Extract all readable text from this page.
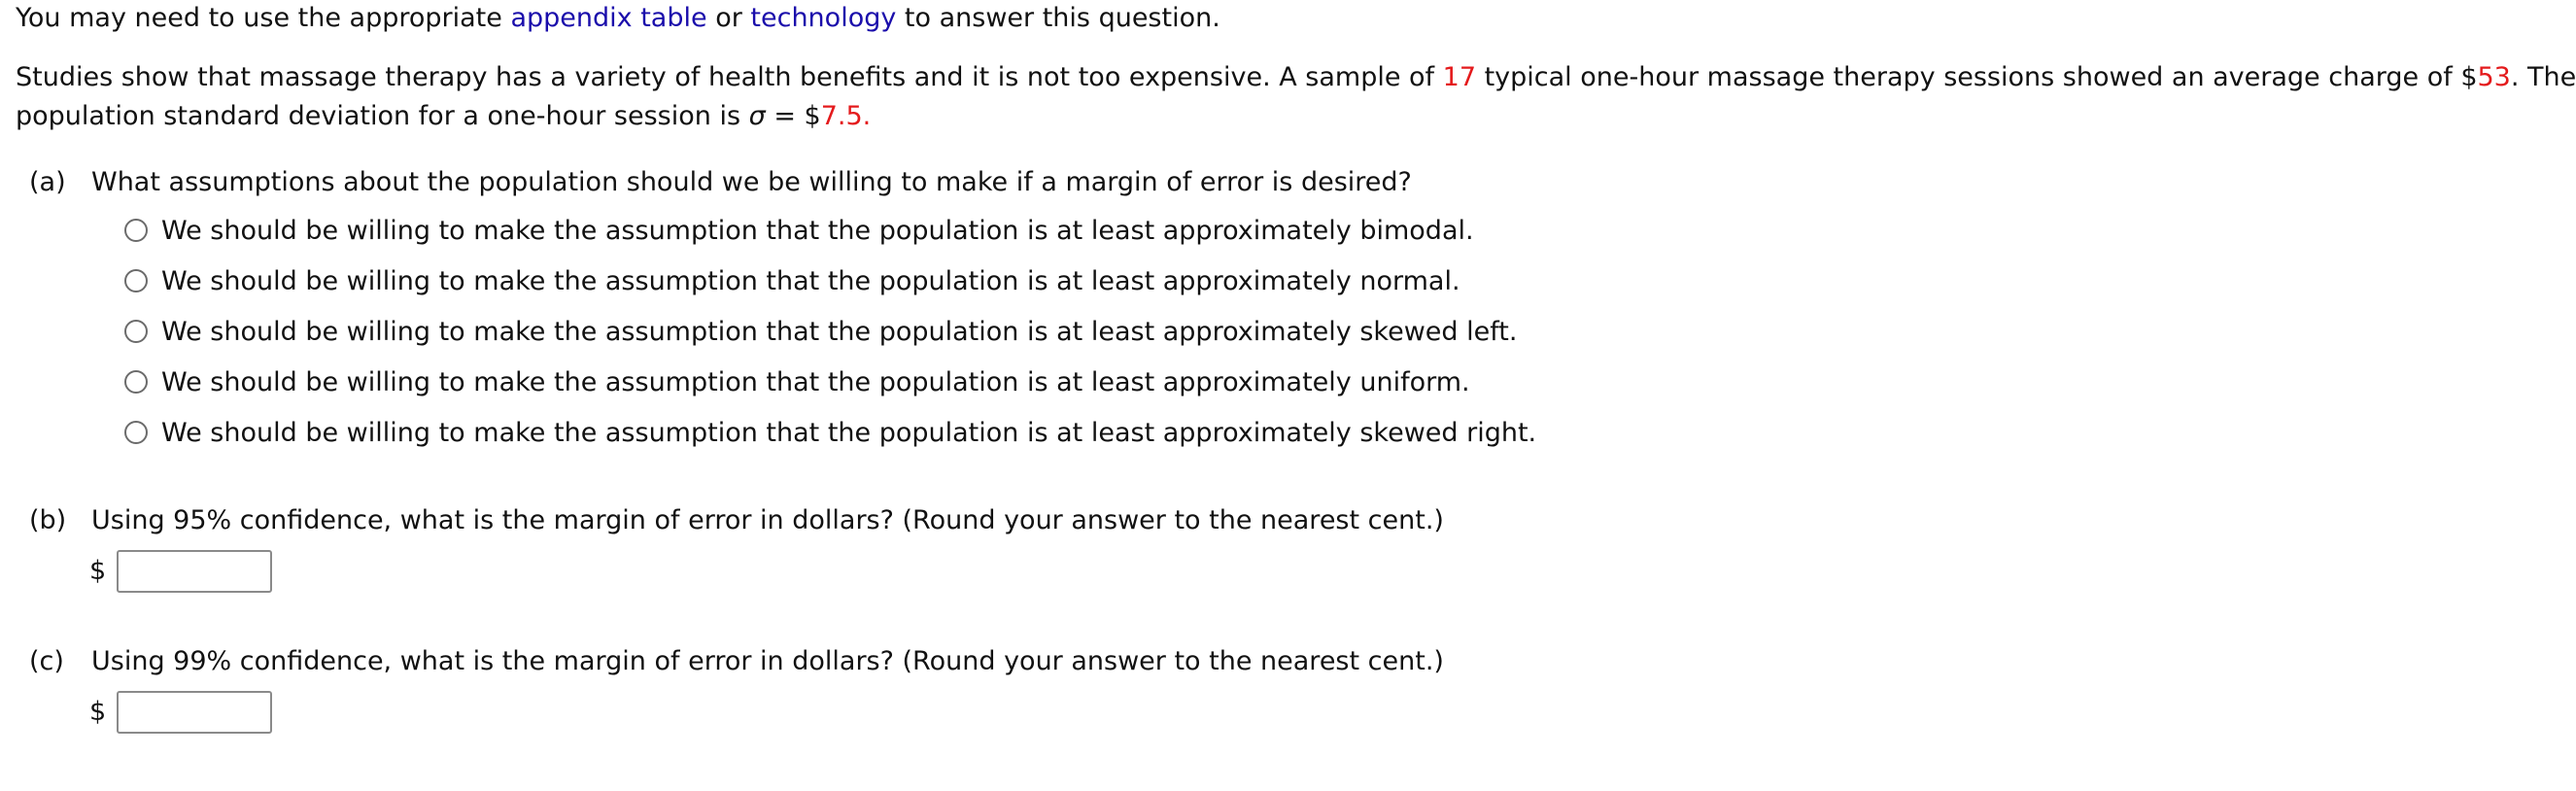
You may need to use the appropriate appendix table or technology to answer this question.
Studies show that massage therapy has a variety of health benefits and it is not too expensive. A sample of 17 typical one-hour massage therapy sessions showed an average charge of $53. The
population standard deviation for a one-hour session is σ = $7.5.
(a) What assumptions about the population should we be willing to make if a margin of error is desired?
We should be willing to make the assumption that the population is at least approximately bimodal.
We should be willing to make the assumption that the population is at least approximately normal.
We should be willing to make the assumption that the population is at least approximately skewed left.
We should be willing to make the assumption that the population is at least approximately uniform.
We should be willing to make the assumption that the population is at least approximately skewed right.
(b) Using 95% confidence, what is the margin of error in dollars? (Round your answer to the nearest cent.)
$
(c) Using 99% confidence, what is the margin of error in dollars? (Round your answer to the nearest cent.)
$
